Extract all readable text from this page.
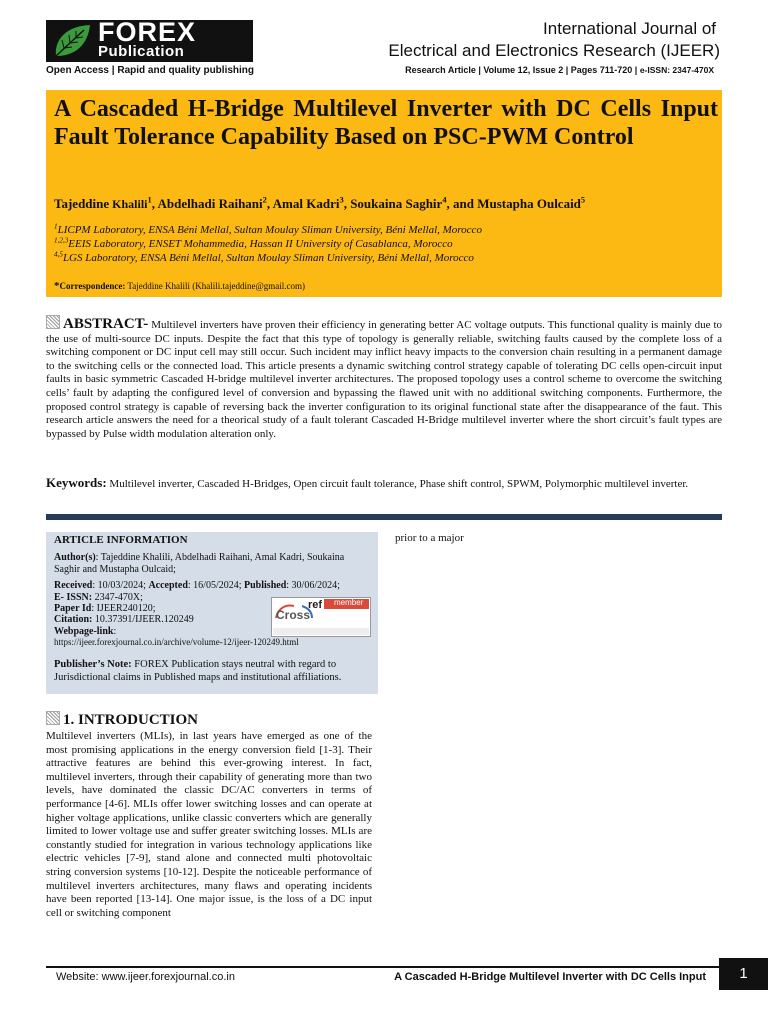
FOREX
Publication
Open Access | Rapid and quality publishing
International Journal of
Electrical and Electronics Research (IJEER)
Research Article | Volume 12, Issue 2 | Pages 711-720 | e-ISSN: 2347-470X
A Cascaded H-Bridge Multilevel Inverter with DC Cells Input Fault Tolerance Capability Based on PSC-PWM Control
Tajeddine Khalili$^1$, Abdelhadi Raihani$^2$, Amal Kadri$^3$, Soukaina Saghir$^4$, and Mustapha Oulcaid$^5$
$^1$LICPM Laboratory, ENSA Béni Mellal, Sultan Moulay Sliman University, Béni Mellal, Morocco
$^{1,2,3}$EEIS Laboratory, ENSET Mohammedia, Hassan II University of Casablanca, Morocco
$^{4,5}$LGS Laboratory, ENSA Béni Mellal, Sultan Moulay Sliman University, Béni Mellal, Morocco
*Correspondence: Tajeddine Khalili (Khalili.tajeddine@gmail.com)

ABSTRACT- Multilevel inverters have proven their efficiency in generating better AC voltage outputs. This functional quality is mainly due to the use of multi-source DC inputs. Despite the fact that this type of topology is generally reliable, switching faults caused by the complete loss of a switching component or DC input cell may still occur. Such incident may inflict heavy impacts to the conversion chain resulting in a permanent damage to the switching cells or the connected load. This article presents a dynamic switching control strategy capable of tolerating DC cells open-circuit input faults in basic symmetric Cascaded H-bridge multilevel inverter architectures. The proposed topology uses a control scheme to overcome the switching cells’ fault by adapting the configured level of conversion and bypassing the flawed unit with no additional switching components. Furthermore, the proposed control strategy is capable of reversing back the inverter configuration to its original functional state after the disappearance of the faut. This research article answers the need for a theorical study of a fault tolerant Cascaded H-Bridge multilevel inverter where the short circuit’s fault types are bypassed by Pulse width modulation alteration only.

Keywords: Multilevel inverter, Cascaded H-Bridges, Open circuit fault tolerance, Phase shift control, SPWM, Polymorphic multilevel inverter.

ARTICLE INFORMATION
Author(s): Tajeddine Khalili, Abdelhadi Raihani, Amal Kadri, Soukaina Saghir and Mustapha Oulcaid;
Received: 10/03/2024; Accepted: 16/05/2024; Published: 30/06/2024;
E- ISSN: 2347-470X;
Paper Id: IJEER240120;
Citation: 10.37391/IJEER.120249
Webpage-link:
https://ijeer.forexjournal.co.in/archive/volume-12/ijeer-120249.html
Publisher’s Note: FOREX Publication stays neutral with regard to Jurisdictional claims in Published maps and institutional affiliations.
Cross
ref member
prior to a major
1. INTRODUCTION

Multilevel inverters (MLIs), in last years have emerged as one of the most promising applications in the energy conversion field [1-3]. Their attractive features are behind this ever-growing interest. In fact, multilevel inverters, through their capability of generating more than two levels, have dominated the classic DC/AC converters in terms of performance [4-6]. MLIs offer lower switching losses and can operate at higher voltage applications, unlike classic converters which are generally limited to lower voltage use and suffer greater switching losses. MLIs are constantly studied for integration in various technology applications like electric vehicles [7-9], stand alone and connected multi photovoltaic string conversion systems [10-12]. Despite the noticeable performance of multilevel inverters architectures, many flaws and operating incidents have been reported [13-14]. One major issue, is the loss of a DC input cell or switching component

Website: www.ijeer.forexjournal.co.in	A Cascaded H-Bridge Multilevel Inverter with DC Cells Input	1
